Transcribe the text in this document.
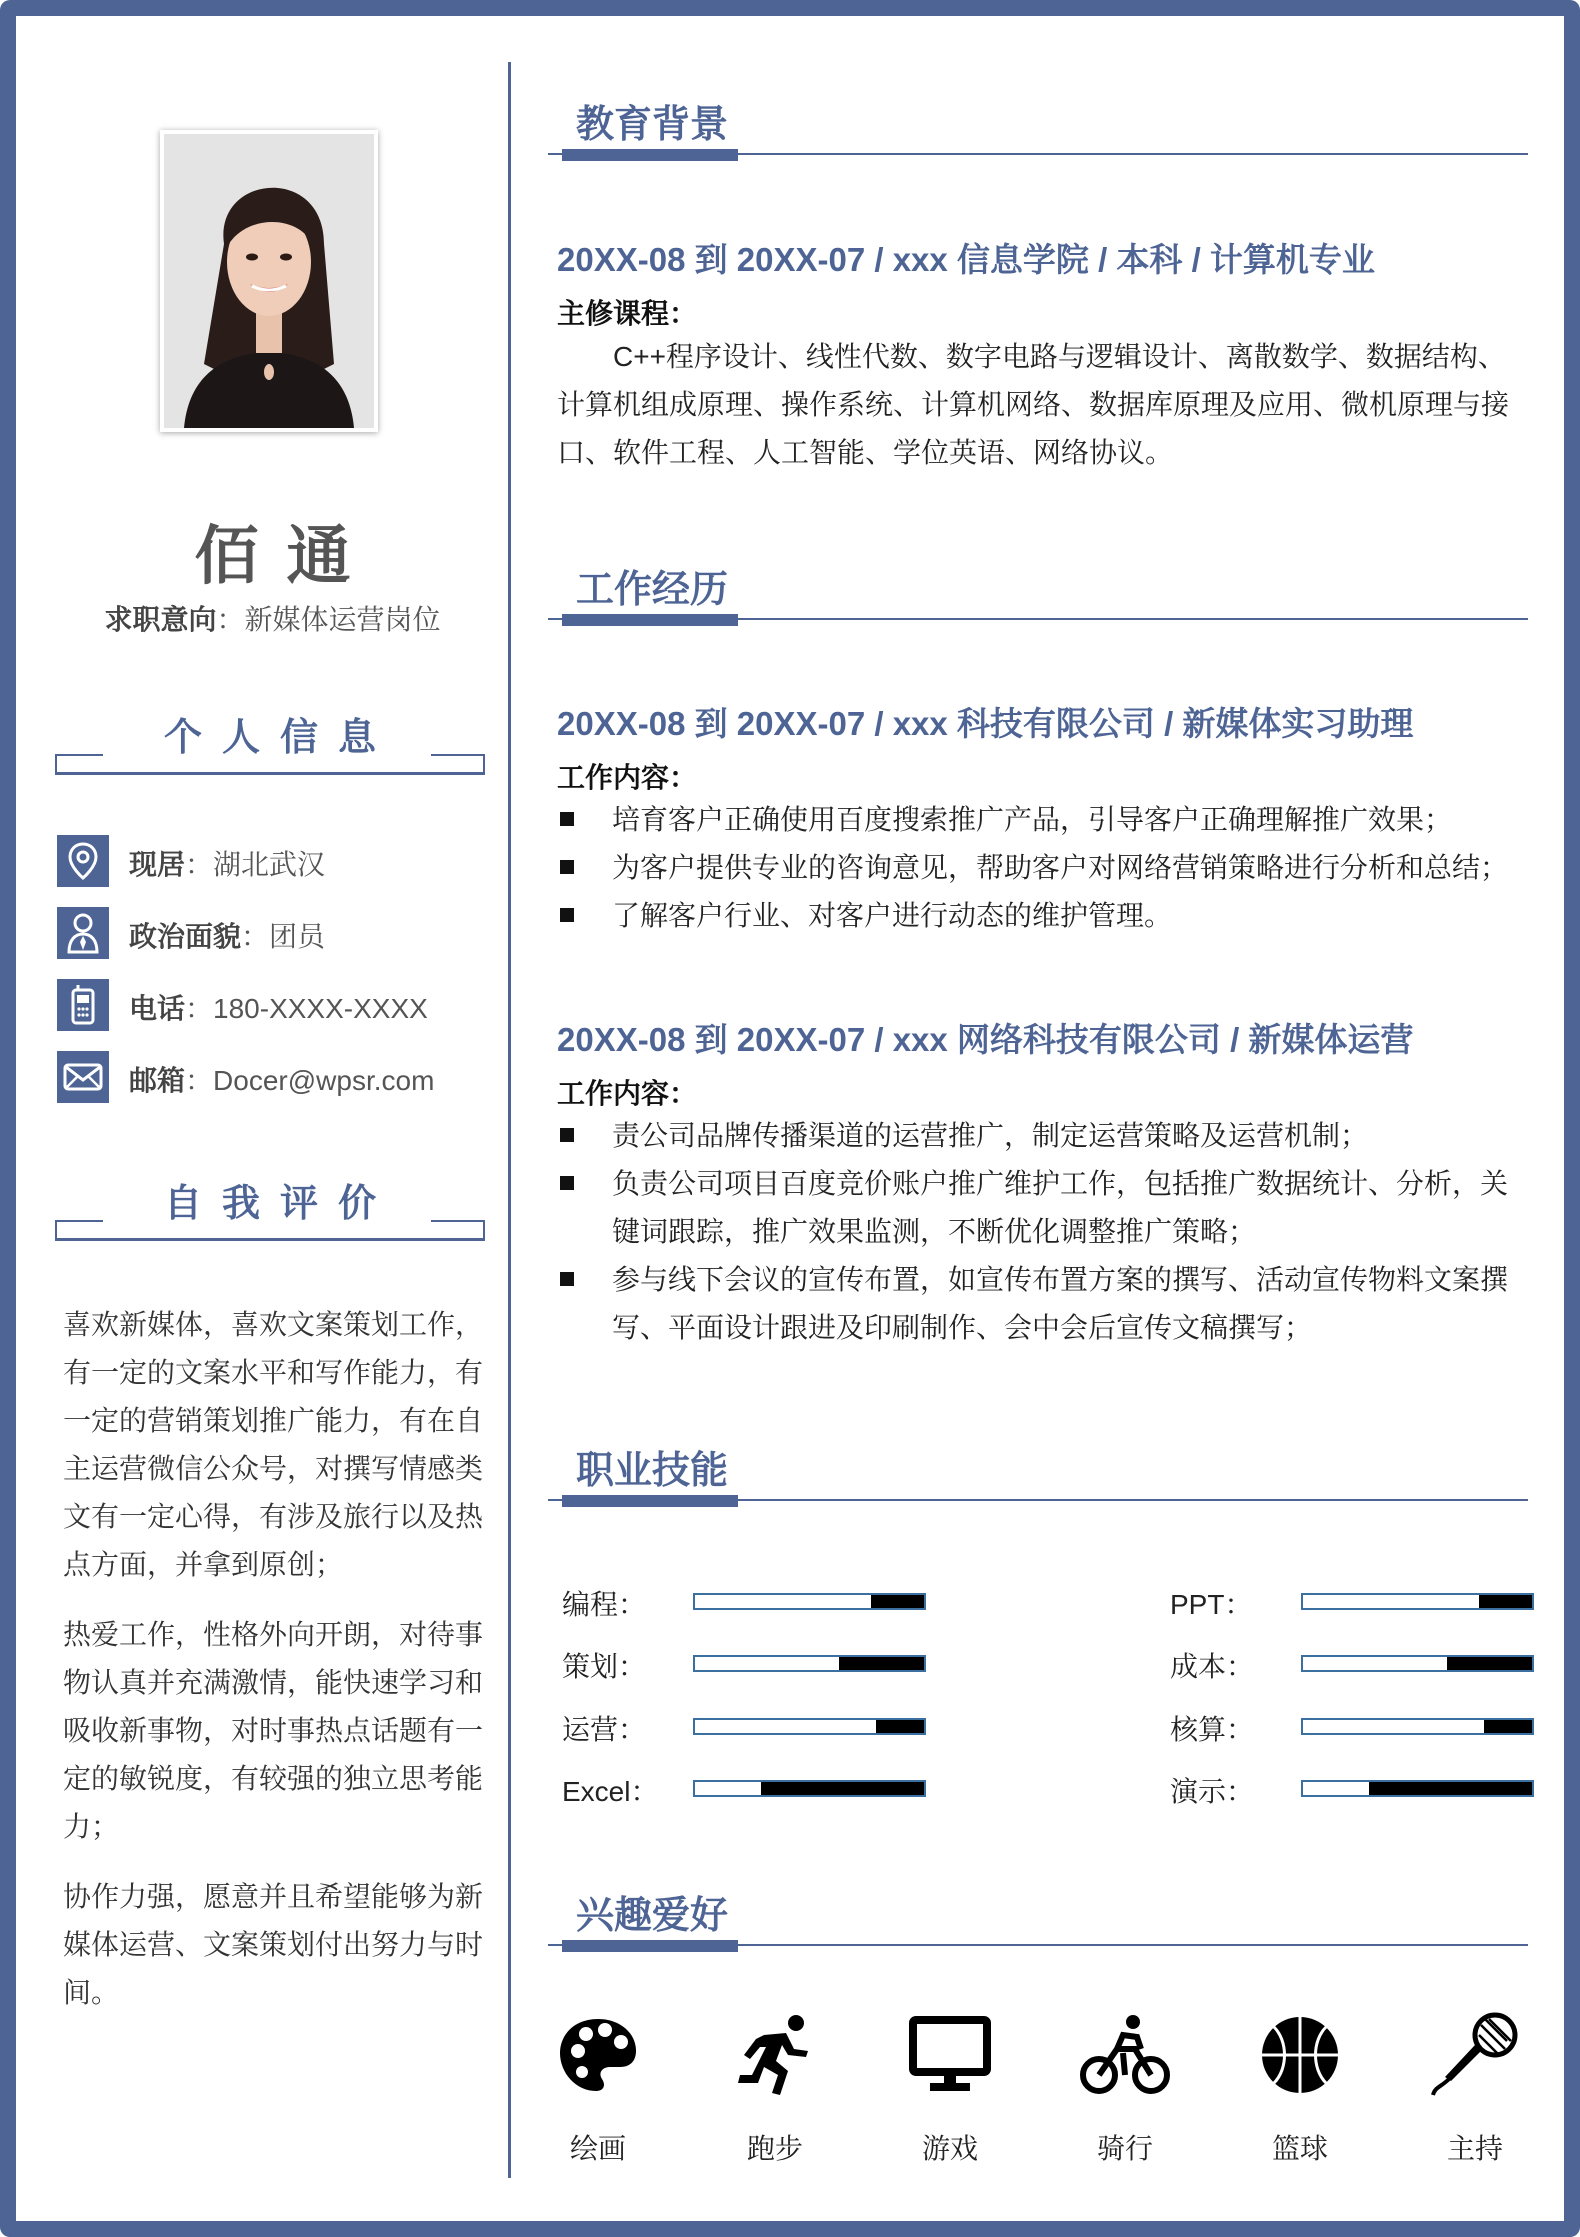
佰通
求职意向：新媒体运营岗位
个人信息
现居：湖北武汉
政治面貌：团员
电话：180-XXXX-XXXX
邮箱：Docer@wpsr.com
自我评价

喜欢新媒体，喜欢文案策划工作，有一定的文案水平和写作能力，有一定的营销策划推广能力，有在自主运营微信公众号，对撰写情感类文有一定心得，有涉及旅行以及热点方面，并拿到原创；

热爱工作，性格外向开朗，对待事物认真并充满激情，能快速学习和吸收新事物，对时事热点话题有一定的敏锐度，有较强的独立思考能力；

协作力强，愿意并且希望能够为新媒体运营、文案策划付出努力与时间。

教育背景
20XX-08 到 20XX-07 / xxx 信息学院 / 本科 / 计算机专业
主修课程：
C++程序设计、线性代数、数字电路与逻辑设计、离散数学、数据结构、计算机组成原理、操作系统、计算机网络、数据库原理及应用、微机原理与接口、软件工程、人工智能、学位英语、网络协议。
工作经历
20XX-08 到 20XX-07 / xxx 科技有限公司 / 新媒体实习助理
工作内容：
培育客户正确使用百度搜索推广产品，引导客户正确理解推广效果；
为客户提供专业的咨询意见，帮助客户对网络营销策略进行分析和总结；
了解客户行业、对客户进行动态的维护管理。
20XX-08 到 20XX-07 / xxx 网络科技有限公司 / 新媒体运营
工作内容：
责公司品牌传播渠道的运营推广，制定运营策略及运营机制；
负责公司项目百度竞价账户推广维护工作，包括推广数据统计、分析，关键词跟踪，推广效果监测，不断优化调整推广策略；
参与线下会议的宣传布置，如宣传布置方案的撰写、活动宣传物料文案撰写、平面设计跟进及印刷制作、会中会后宣传文稿撰写；
职业技能
编程：	PPT：
策划：	成本：
运营：	核算：
Excel：	演示：
兴趣爱好
绘画	跑步	游戏	骑行	篮球	主持
